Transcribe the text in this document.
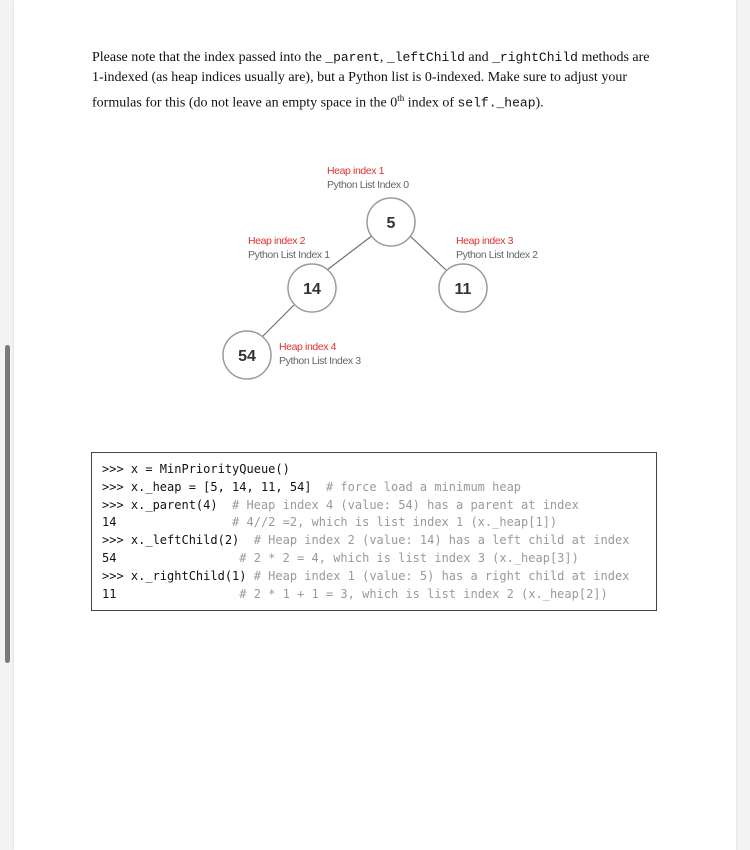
Please note that the index passed into the _parent, _leftChild and _rightChild methods are 1-indexed (as heap indices usually are), but a Python list is 0-indexed. Make sure to adjust your formulas for this (do not leave an empty space in the 0th index of self._heap).

5
Heap index 1
Python List Index 0
14
Heap index 2
Python List Index 1
11
Heap index 3
Python List Index 2
54
Heap index 4
Python List Index 3
>>> x = MinPriorityQueue()
>>> x._heap = [5, 14, 11, 54] # force load a minimum heap
>>> x._parent(4) # Heap index 4 (value: 54) has a parent at index
14	# 4//2 =2, which is list index 1 (x._heap[1])
>>> x._leftChild(2) # Heap index 2 (value: 14) has a left child at index
54	# 2 * 2 = 4, which is list index 3 (x._heap[3])
>>> x._rightChild(1) # Heap index 1 (value: 5) has a right child at index
11	# 2 * 1 + 1 = 3, which is list index 2 (x._heap[2])
